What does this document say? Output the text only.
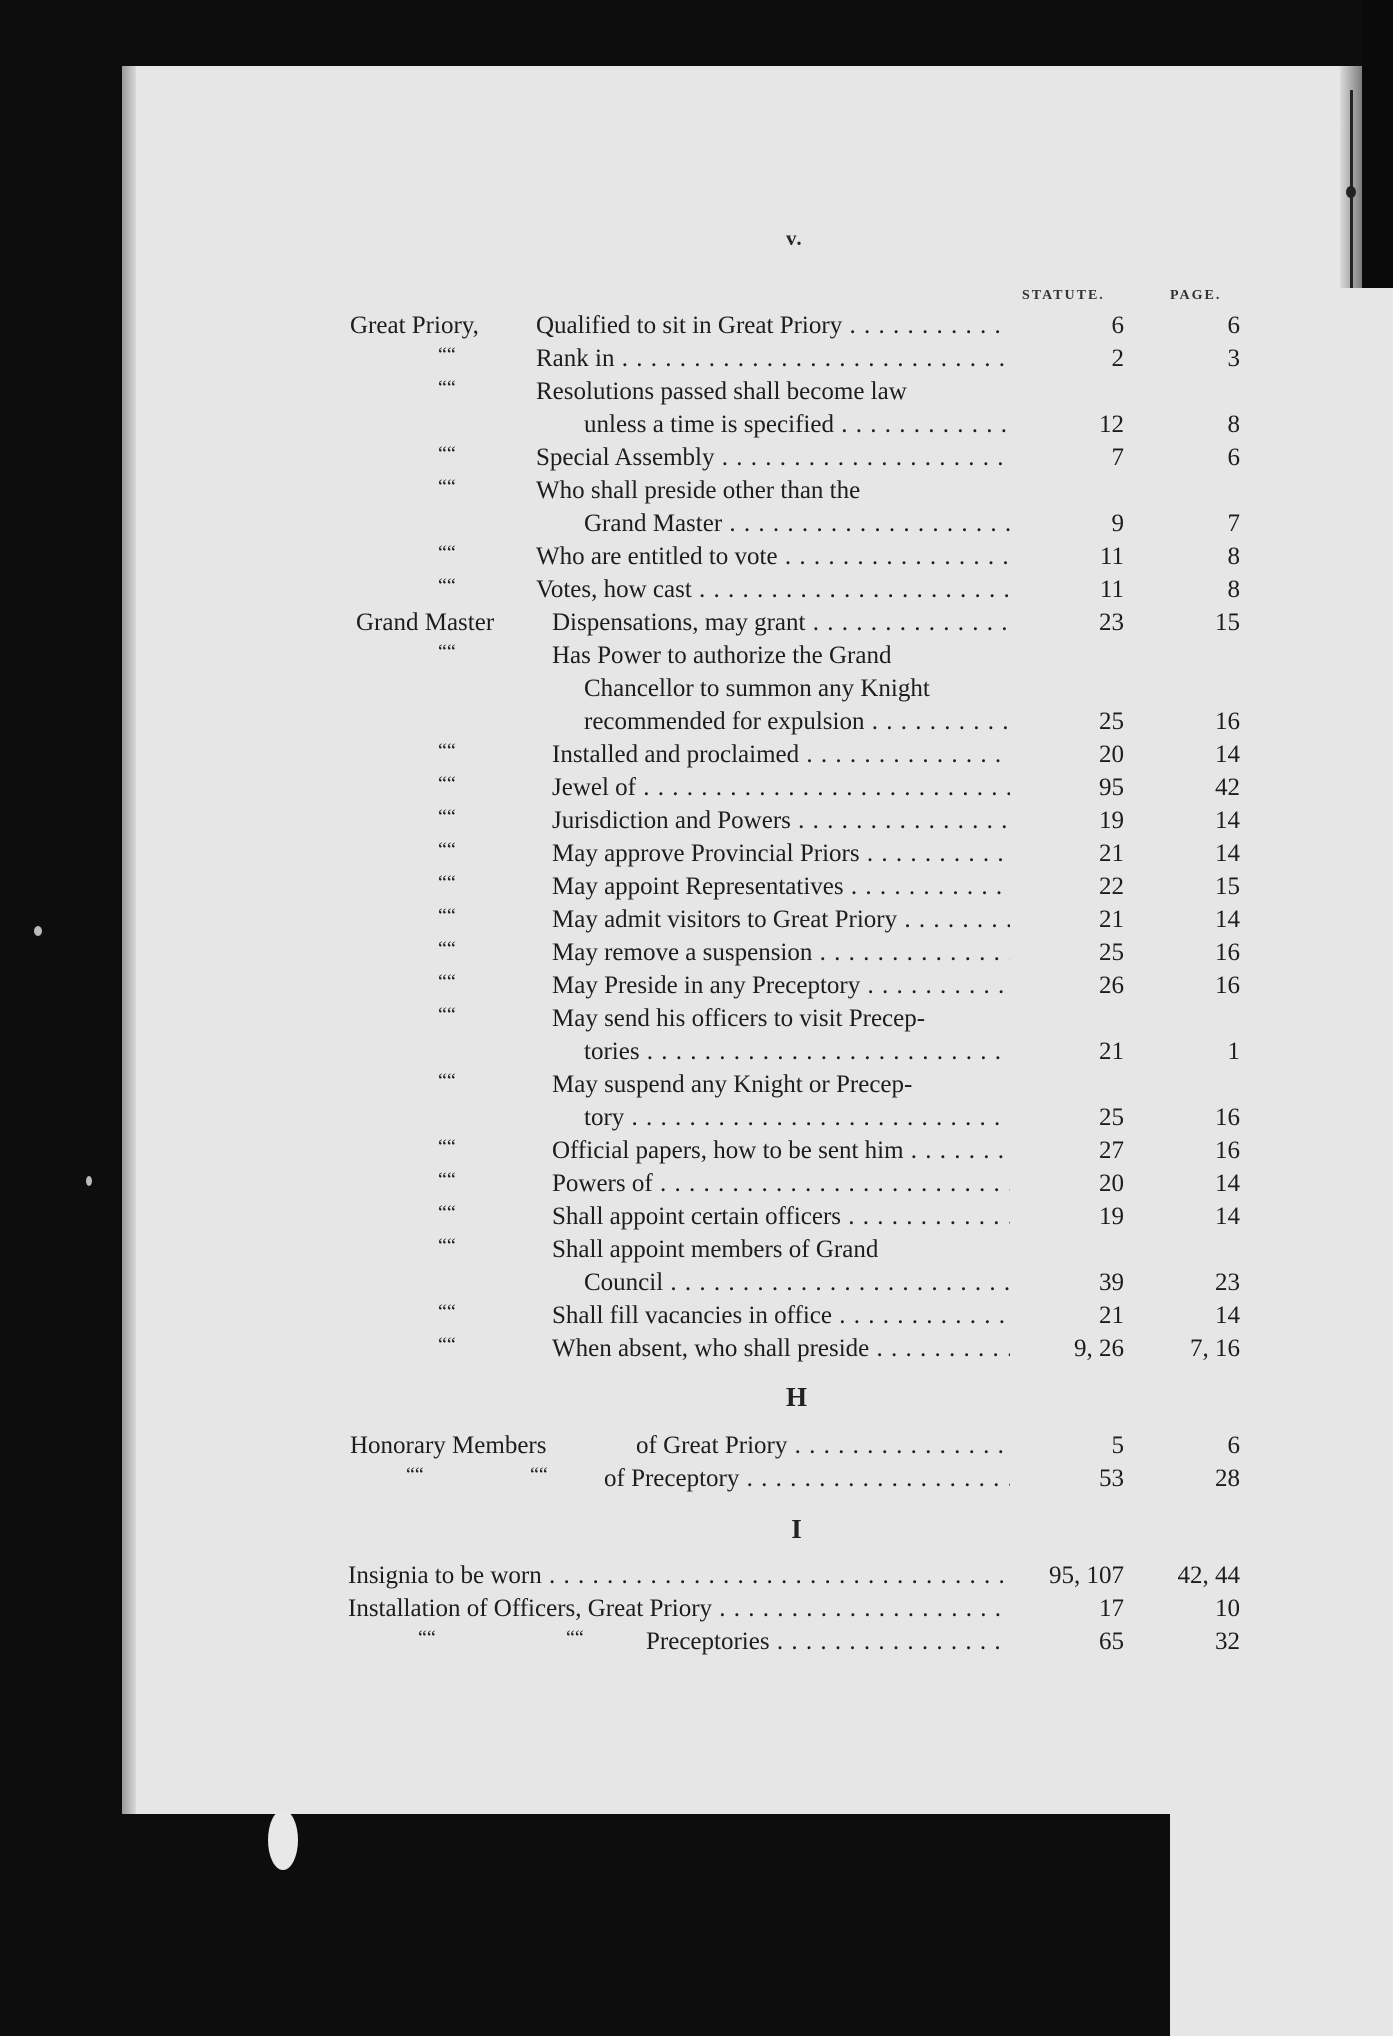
v.
STATUTE.	PAGE.
Great Priory, Qualified to sit in Great Priory . . .	6	6
““	Rank in . . .	2	3
““	Resolutions passed shall become law
unless a time is specified . . .	12	8
““	Special Assembly . . .	7	6
““	Who shall preside other than the
Grand Master . . .	9	7
““	Who are entitled to vote . . .	11	8
““	Votes, how cast . . .	11	8
Grand Master Dispensations, may grant . . .	23	15
““	Has Power to authorize the Grand
Chancellor to summon any Knight
recommended for expulsion . . .	25	16
““	Installed and proclaimed . . .	20	14
““	Jewel of . . .	95	42
““	Jurisdiction and Powers . . .	19	14
““	May approve Provincial Priors . . .	21	14
““	May appoint Representatives . . .	22	15
““	May admit visitors to Great Priory . . .	21	14
““	May remove a suspension . . .	25	16
““	May Preside in any Preceptory . . .	26	16
““	May send his officers to visit Precep-
tories . . .	21	1
““	May suspend any Knight or Precep-
tory . . .	25	16
““	Official papers, how to be sent him . . .	27	16
““	Powers of . . .	20	14
““	Shall appoint certain officers . . .	19	14
““	Shall appoint members of Grand
Council . . .	39	23
““	Shall fill vacancies in office . . .	21	14
““	When absent, who shall preside . . .	9, 26	7, 16
Honorary Members	of Great Priory . . .	5	6
““	““ of Preceptory . . .	53	28
Insignia to be worn . . .	95, 107	42, 44
Installation of Officers, Great Priory . . .	17	10
““	““ Preceptories . . .	65	32
H
I
